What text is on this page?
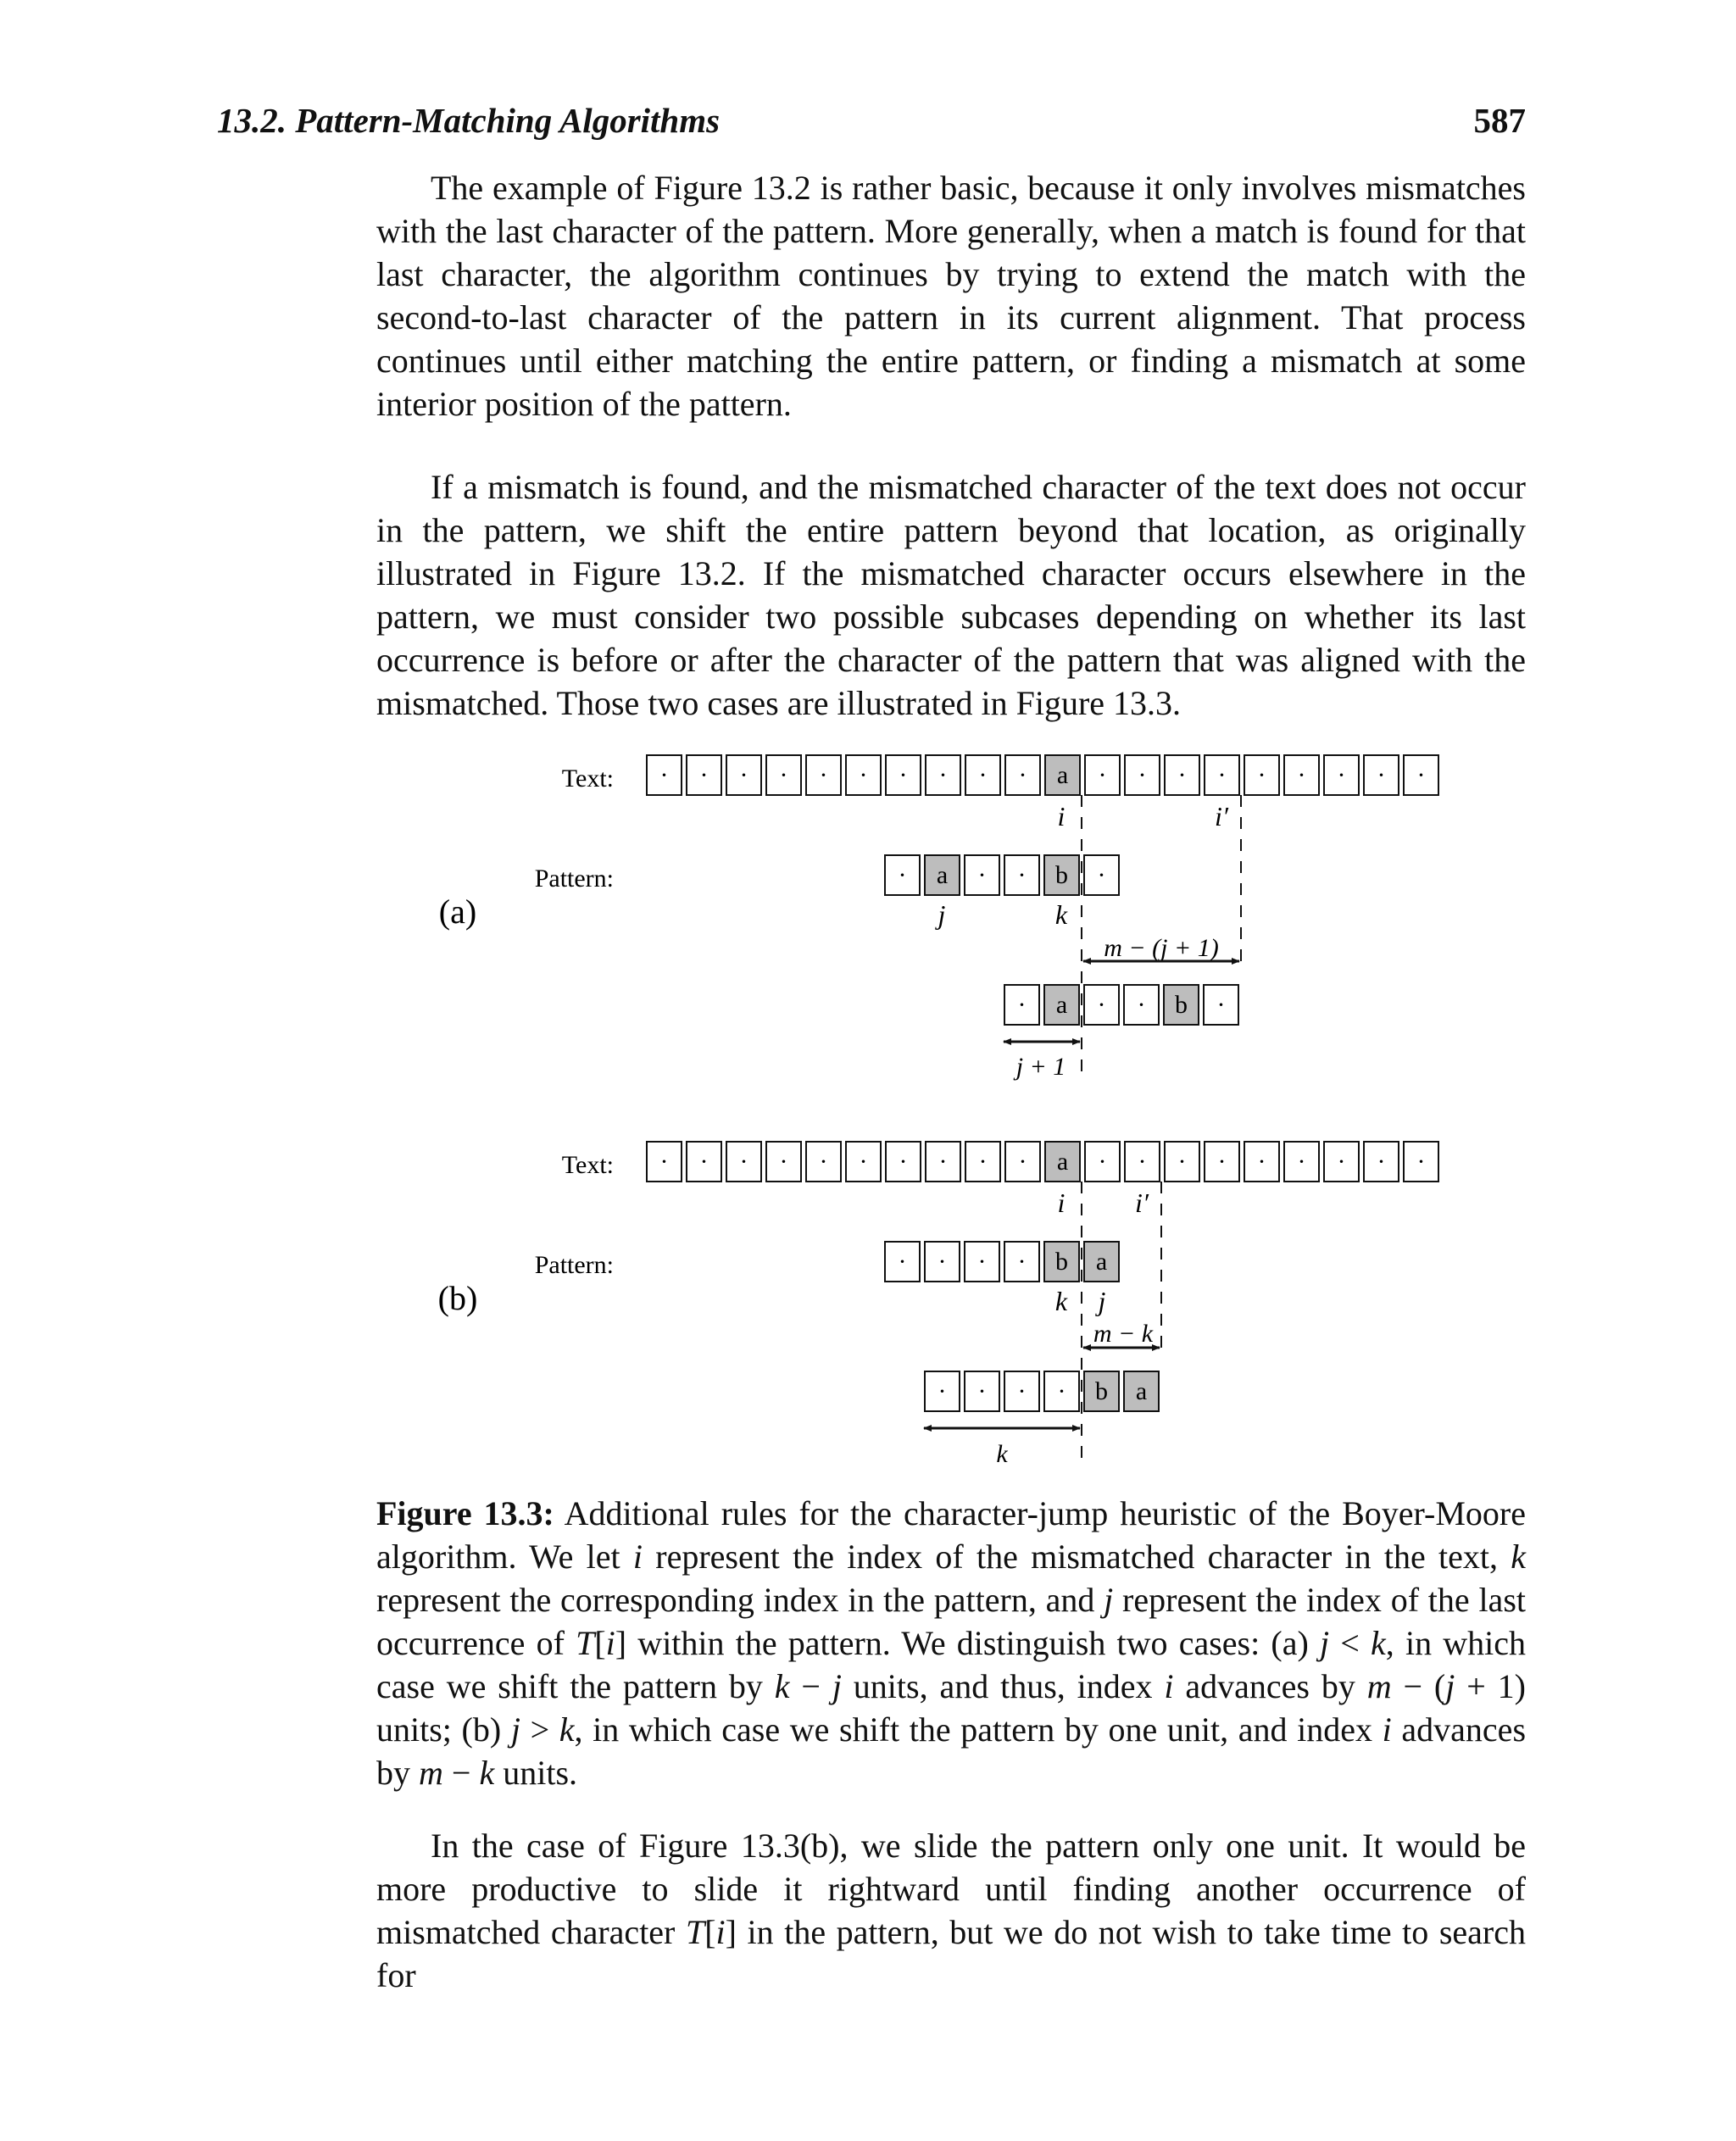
13.2. Pattern-Matching Algorithms	587

The example of Figure 13.2 is rather basic, because it only involves mismatches with the last character of the pattern. More generally, when a match is found for that last character, the algorithm continues by trying to extend the match with the second-to-last character of the pattern in its current alignment. That process continues until either matching the entire pattern, or finding a mismatch at some interior position of the pattern.

If a mismatch is found, and the mismatched character of the text does not occur in the pattern, we shift the entire pattern beyond that location, as originally illustrated in Figure 13.2. If the mismatched character occurs elsewhere in the pattern, we must consider two possible subcases depending on whether its last occurrence is before or after the character of the pattern that was aligned with the mismatched. Those two cases are illustrated in Figure 13.3.

Text:
Pattern:
(a)
Text:
Pattern:
(b)
i	i′
j	k
m − (j + 1)
j + 1
i	i′
k j
m − k
k
· · · · · · · · · · a · · · · · · · · ·
· a · · b ·
· a · · b ·
· · · · · · · · · · a · · · · · · · · ·
· · · · b a
· · · · b a
Figure 13.3: Additional rules for the character-jump heuristic of the Boyer-Moore algorithm. We let i represent the index of the mismatched character in the text, k represent the corresponding index in the pattern, and j represent the index of the last occurrence of T[i] within the pattern. We distinguish two cases: (a) j < k, in which case we shift the pattern by k − j units, and thus, index i advances by m − (j + 1) units; (b) j > k, in which case we shift the pattern by one unit, and index i advances by m − k units.

In the case of Figure 13.3(b), we slide the pattern only one unit. It would be more productive to slide it rightward until finding another occurrence of mismatched character T[i] in the pattern, but we do not wish to take time to search for
